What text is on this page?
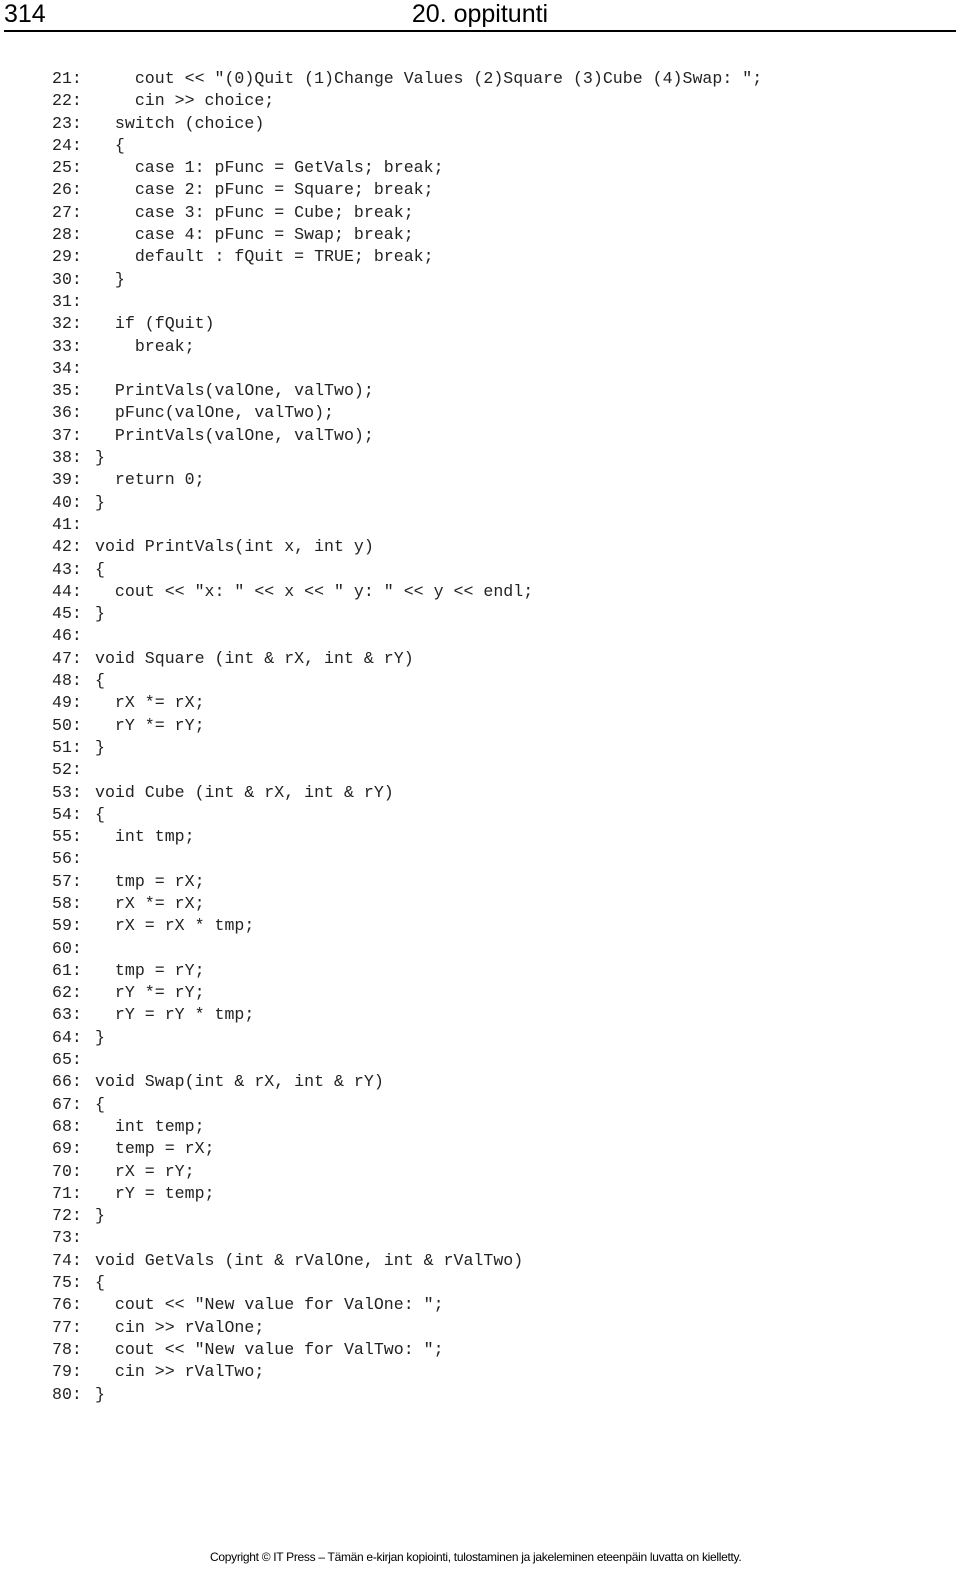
314	20. oppitunti
21:    cout << "(0)Quit (1)Change Values (2)Square (3)Cube (4)Swap: ";
22:    cin >> choice;
23:  switch (choice)
24:  {
25:    case 1: pFunc = GetVals; break;
26:    case 2: pFunc = Square; break;
27:    case 3: pFunc = Cube; break;
28:    case 4: pFunc = Swap; break;
29:    default : fQuit = TRUE; break;
30:  }
31:
32:  if (fQuit)
33:    break;
34:
35:  PrintVals(valOne, valTwo);
36:  pFunc(valOne, valTwo);
37:  PrintVals(valOne, valTwo);
38: }
39:  return 0;
40: }
41:
42: void PrintVals(int x, int y)
43: {
44:  cout << "x: " << x << " y: " << y << endl;
45: }
46:
47: void Square (int & rX, int & rY)
48: {
49:  rX *= rX;
50:  rY *= rY;
51: }
52:
53: void Cube (int & rX, int & rY)
54: {
55:  int tmp;
56:
57:  tmp = rX;
58:  rX *= rX;
59:  rX = rX * tmp;
60:
61:  tmp = rY;
62:  rY *= rY;
63:  rY = rY * tmp;
64: }
65:
66: void Swap(int & rX, int & rY)
67: {
68:  int temp;
69:  temp = rX;
70:  rX = rY;
71:  rY = temp;
72: }
73:
74: void GetVals (int & rValOne, int & rValTwo)
75: {
76:  cout << "New value for ValOne: ";
77:  cin >> rValOne;
78:  cout << "New value for ValTwo: ";
79:  cin >> rValTwo;
80: }
Copyright © IT Press – Tämän e-kirjan kopiointi, tulostaminen ja jakeleminen eteenpäin luvatta on kielletty.
